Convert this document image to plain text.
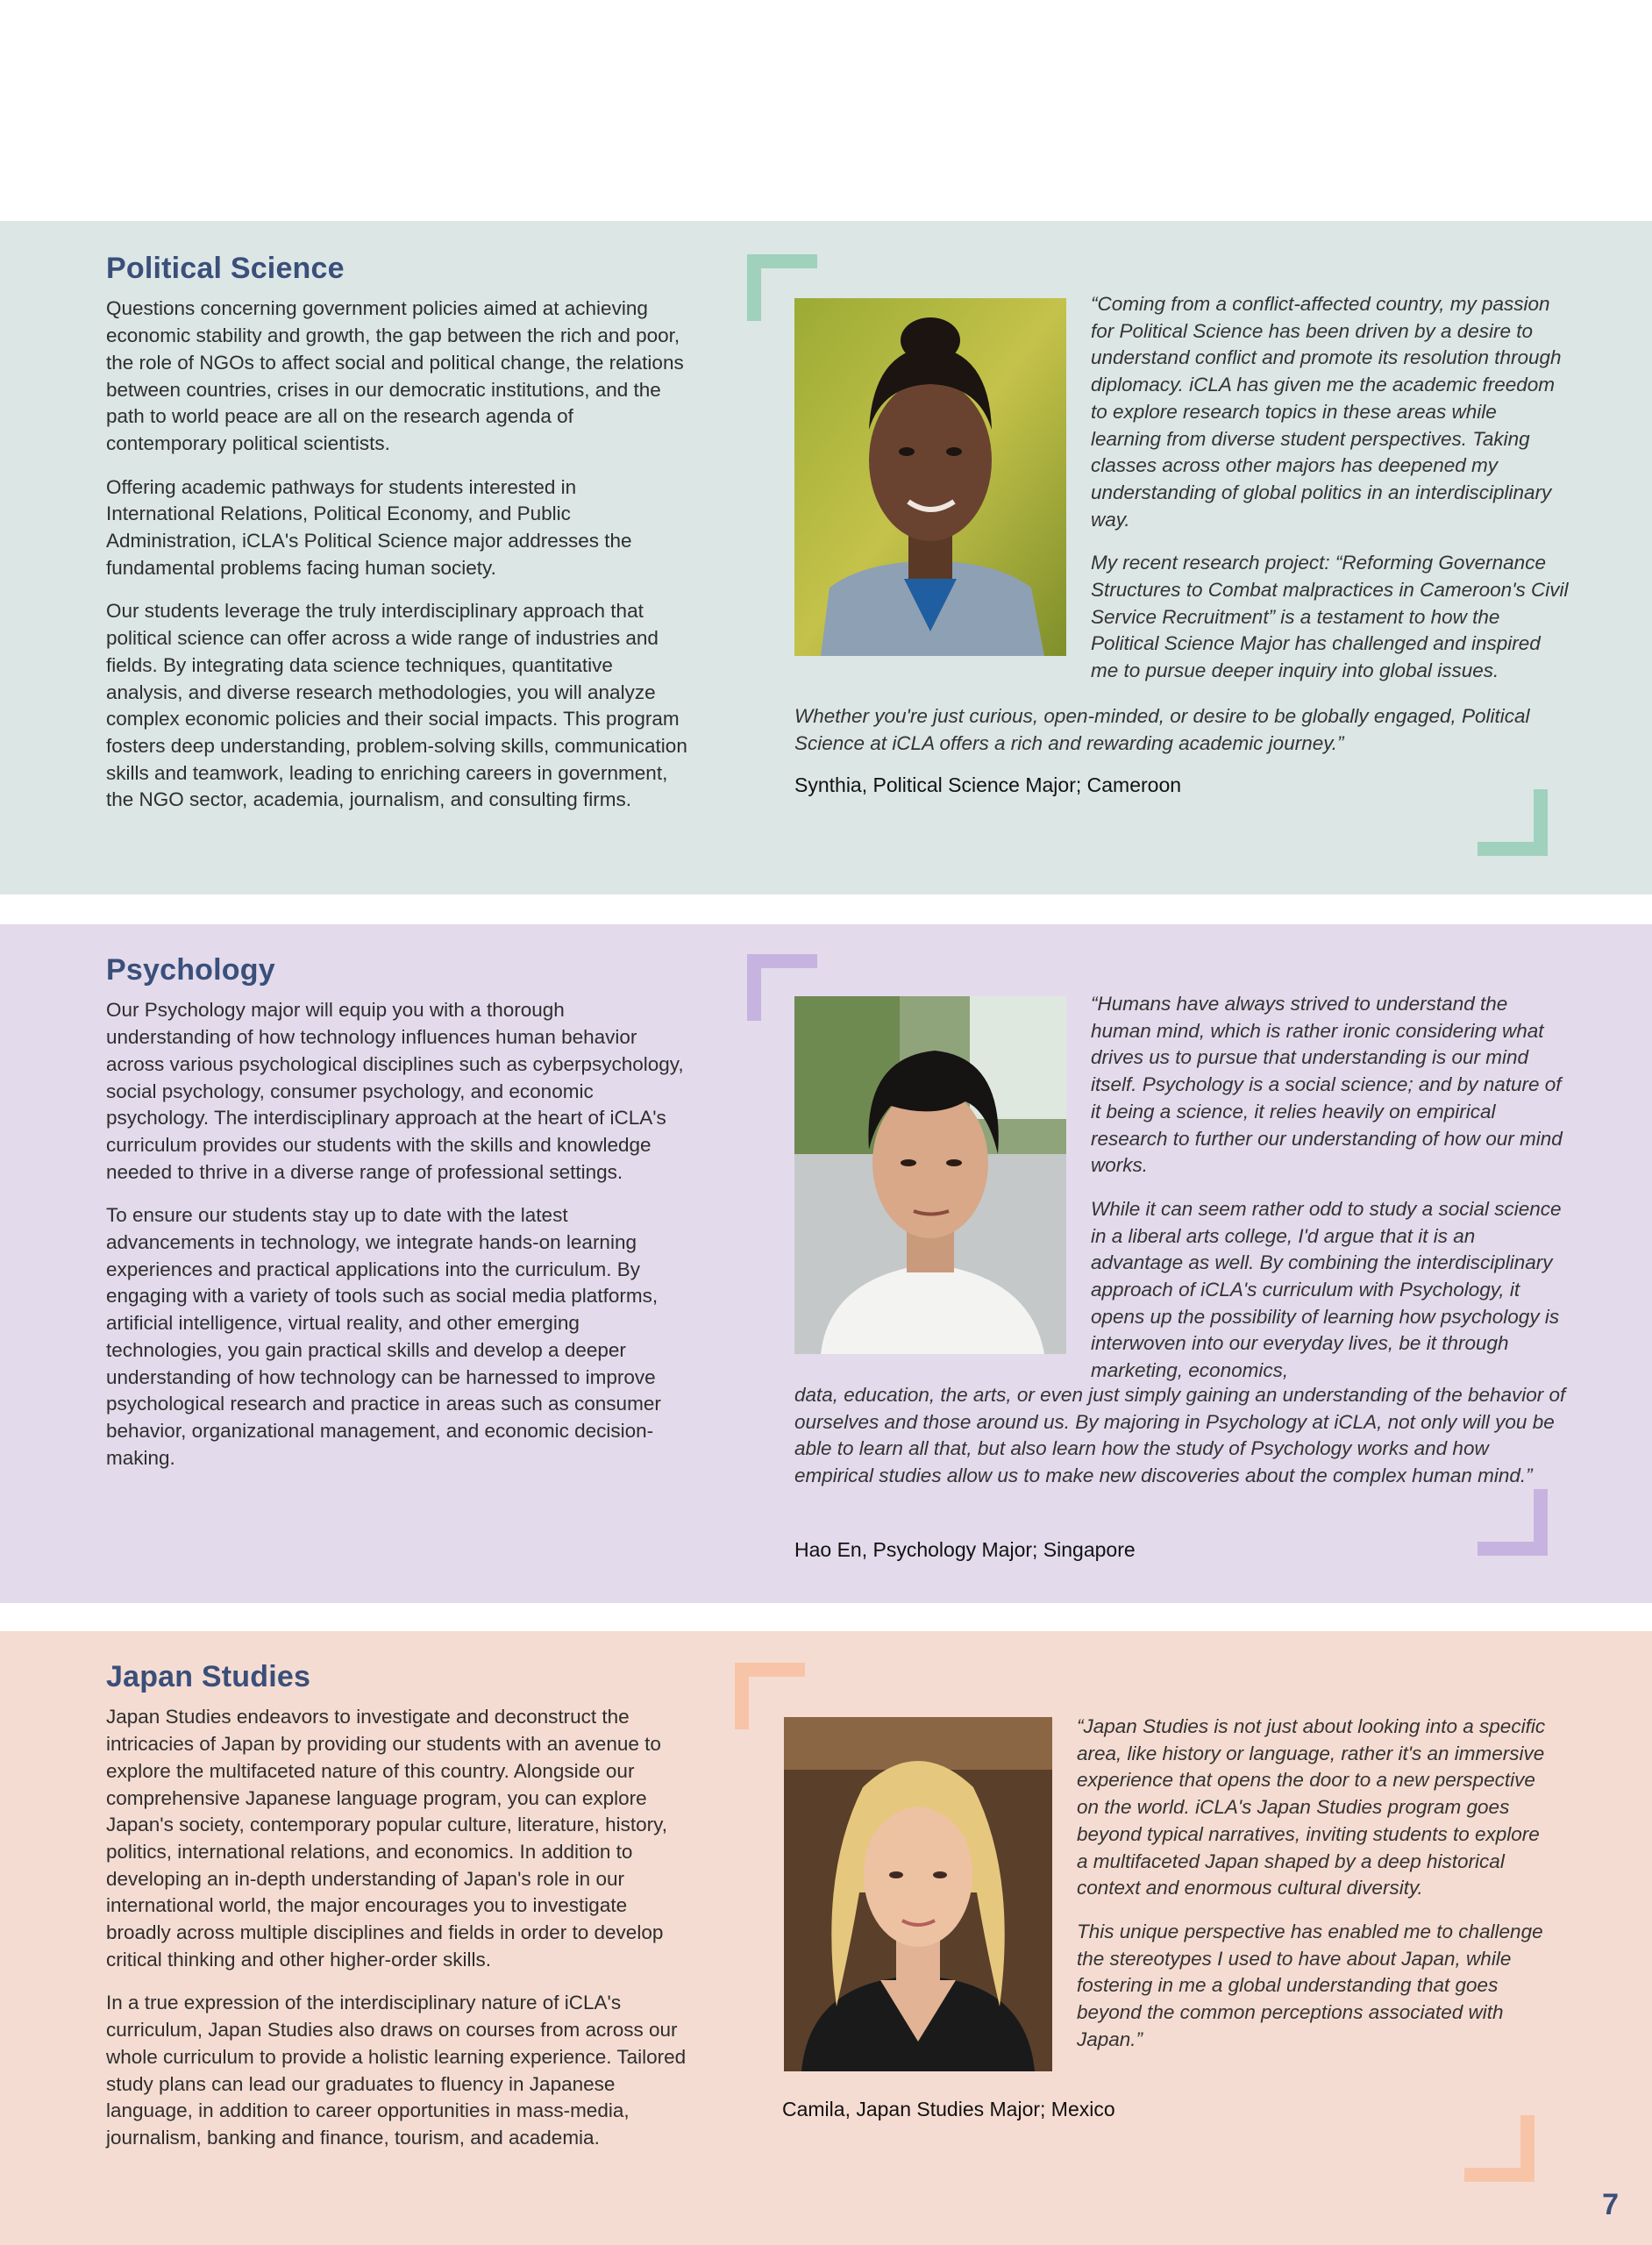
Political Science

Questions concerning government policies aimed at achieving economic stability and growth, the gap between the rich and poor, the role of NGOs to affect social and political change, the relations between countries, crises in our democratic institutions, and the path to world peace are all on the research agenda of contemporary political scientists.

Offering academic pathways for students interested in International Relations, Political Economy, and Public Administration, iCLA's Political Science major addresses the fundamental problems facing human society.

Our students leverage the truly interdisciplinary approach that political science can offer across a wide range of industries and fields. By integrating data science techniques, quantitative analysis, and diverse research methodologies, you will analyze complex economic policies and their social impacts. This program fosters deep understanding, problem-solving skills, communication skills and teamwork, leading to enriching careers in government, the NGO sector, academia, journalism, and consulting firms.

“Coming from a conflict-affected country, my passion for Political Science has been driven by a desire to understand conflict and promote its resolution through diplomacy. iCLA has given me the academic freedom to explore research topics in these areas while learning from diverse student perspectives. Taking classes across other majors has deepened my understanding of global politics in an interdisciplinary way.

My recent research project: “Reforming Governance Structures to Combat malpractices in Cameroon's Civil Service Recruitment” is a testament to how the Political Science Major has challenged and inspired me to pursue deeper inquiry into global issues.

Whether you're just curious, open-minded, or desire to be globally engaged, Political Science at iCLA offers a rich and rewarding academic journey.”

Synthia, Political Science Major; Cameroon
Psychology

Our Psychology major will equip you with a thorough understanding of how technology influences human behavior across various psychological disciplines such as cyberpsychology, social psychology, consumer psychology, and economic psychology. The interdisciplinary approach at the heart of iCLA's curriculum provides our students with the skills and knowledge needed to thrive in a diverse range of professional settings.

To ensure our students stay up to date with the latest advancements in technology, we integrate hands-on learning experiences and practical applications into the curriculum. By engaging with a variety of tools such as social media platforms, artificial intelligence, virtual reality, and other emerging technologies, you gain practical skills and develop a deeper understanding of how technology can be harnessed to improve psychological research and practice in areas such as consumer behavior, organizational management, and economic decision-making.

“Humans have always strived to understand the human mind, which is rather ironic considering what drives us to pursue that understanding is our mind itself. Psychology is a social science; and by nature of it being a science, it relies heavily on empirical research to further our understanding of how our mind works.

While it can seem rather odd to study a social science in a liberal arts college, I'd argue that it is an advantage as well. By combining the interdisciplinary approach of iCLA's curriculum with Psychology, it opens up the possibility of learning how psychology is interwoven into our everyday lives, be it through marketing, economics,

data, education, the arts, or even just simply gaining an understanding of the behavior of ourselves and those around us. By majoring in Psychology at iCLA, not only will you be able to learn all that, but also learn how the study of Psychology works and how empirical studies allow us to make new discoveries about the complex human mind.”

Hao En, Psychology Major; Singapore
Japan Studies

Japan Studies endeavors to investigate and deconstruct the intricacies of Japan by providing our students with an avenue to explore the multifaceted nature of this country. Alongside our comprehensive Japanese language program, you can explore Japan's society, contemporary popular culture, literature, history, politics, international relations, and economics. In addition to developing an in-depth understanding of Japan's role in our international world, the major encourages you to investigate broadly across multiple disciplines and fields in order to develop critical thinking and other higher-order skills.

In a true expression of the interdisciplinary nature of iCLA's curriculum, Japan Studies also draws on courses from across our whole curriculum to provide a holistic learning experience. Tailored study plans can lead our graduates to fluency in Japanese language, in addition to career opportunities in mass-media, journalism, banking and finance, tourism, and academia.

“Japan Studies is not just about looking into a specific area, like history or language, rather it's an immersive experience that opens the door to a new perspective on the world. iCLA's Japan Studies program goes beyond typical narratives, inviting students to explore a multifaceted Japan shaped by a deep historical context and enormous cultural diversity.

This unique perspective has enabled me to challenge the stereotypes I used to have about Japan, while fostering in me a global understanding that goes beyond the common perceptions associated with Japan.”

Camila, Japan Studies Major; Mexico
7
